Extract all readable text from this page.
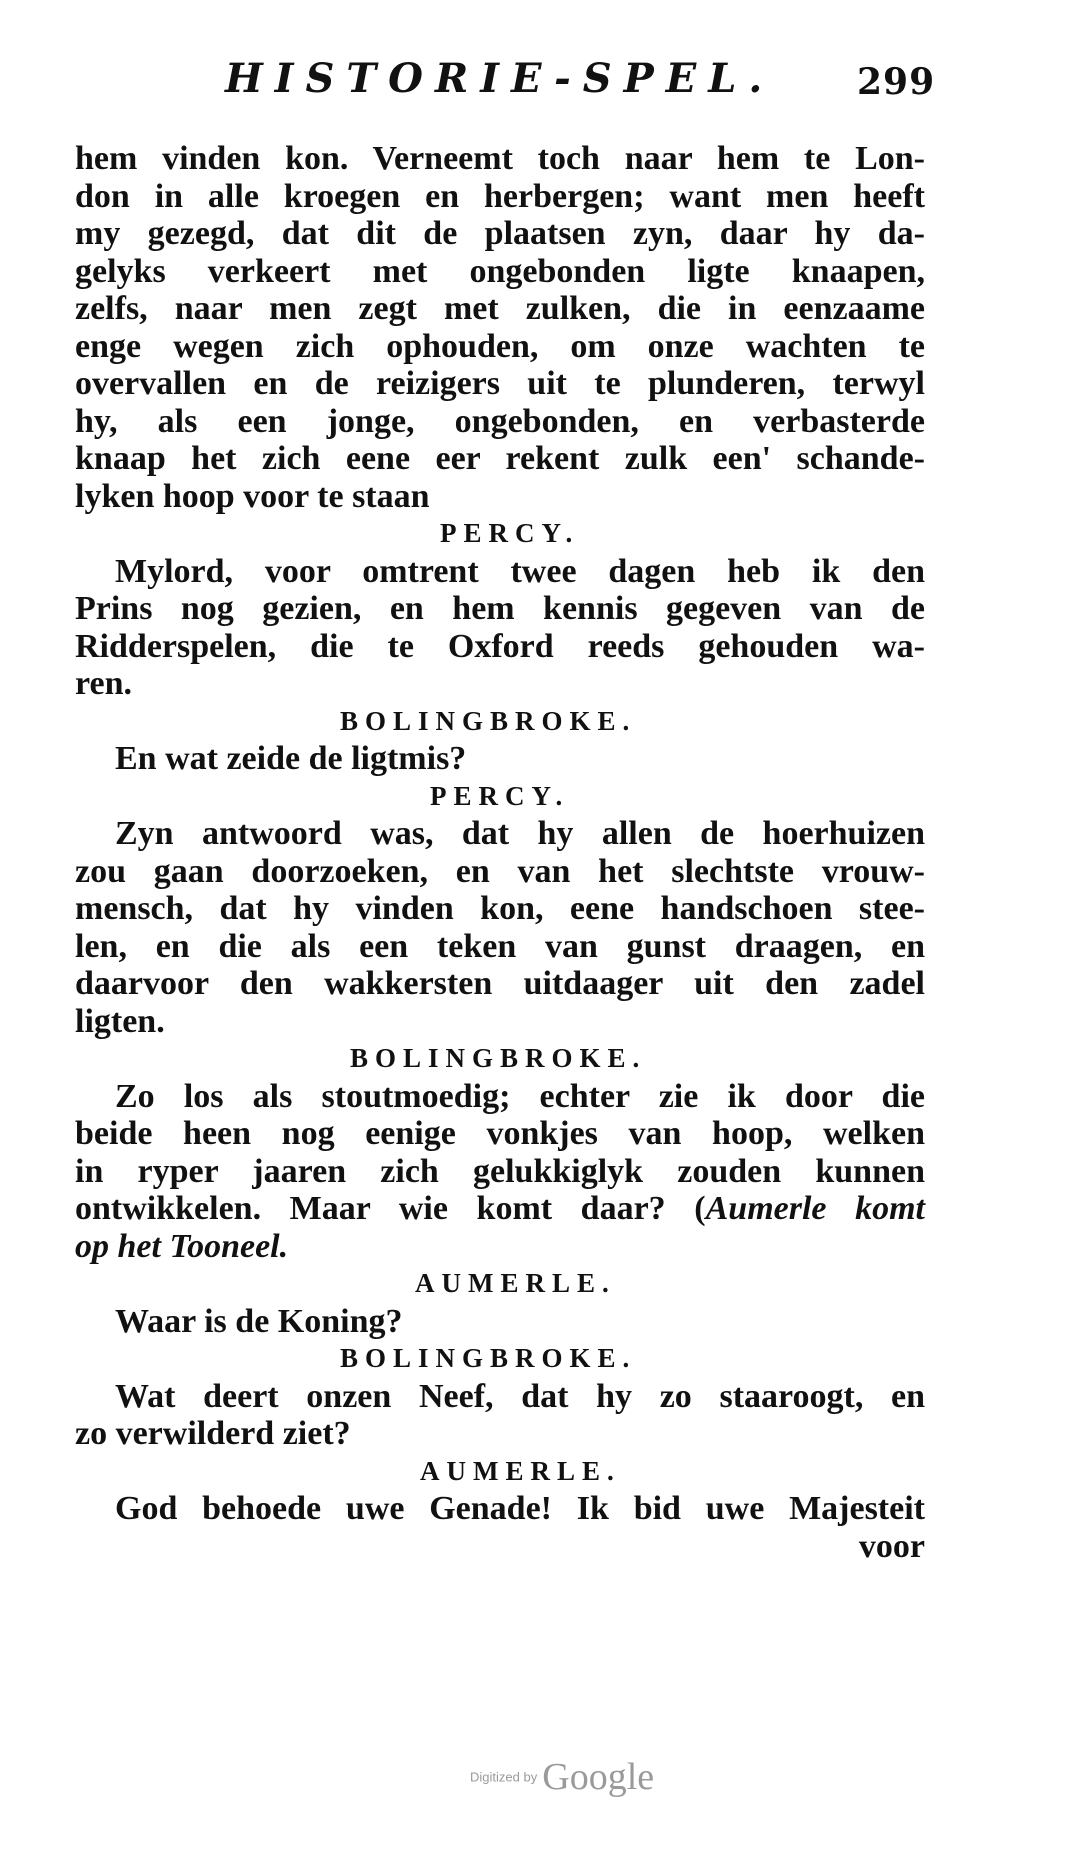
HISTORIE-SPEL. 299
hem vinden kon. Verneemt toch naar hem te Lon-
don in alle kroegen en herbergen; want men heeft
my gezegd, dat dit de plaatsen zyn, daar hy da-
gelyks verkeert met ongebonden ligte knaapen,
zelfs, naar men zegt met zulken, die in eenzaame
enge wegen zich ophouden, om onze wachten te
overvallen en de reizigers uit te plunderen, terwyl
hy, als een jonge, ongebonden, en verbasterde
knaap het zich eene eer rekent zulk een' schande-
lyken hoop voor te staan
PERCY.
Mylord, voor omtrent twee dagen heb ik den
Prins nog gezien, en hem kennis gegeven van de
Ridderspelen, die te Oxford reeds gehouden wa-
ren.
BOLINGBROKE.
En wat zeide de ligtmis?
PERCY.
Zyn antwoord was, dat hy allen de hoerhuizen
zou gaan doorzoeken, en van het slechtste vrouw-
mensch, dat hy vinden kon, eene handschoen stee-
len, en die als een teken van gunst draagen, en
daarvoor den wakkersten uitdaager uit den zadel
ligten.
BOLINGBROKE.
Zo los als stoutmoedig; echter zie ik door die
beide heen nog eenige vonkjes van hoop, welken
in ryper jaaren zich gelukkiglyk zouden kunnen
ontwikkelen. Maar wie komt daar? (Aumerle komt
op het Tooneel.
AUMERLE.
Waar is de Koning?
BOLINGBROKE.
Wat deert onzen Neef, dat hy zo staaroogt, en
zo verwilderd ziet?
AUMERLE.
God behoede uwe Genade! Ik bid uwe Majesteit
voor
Digitized by Google
